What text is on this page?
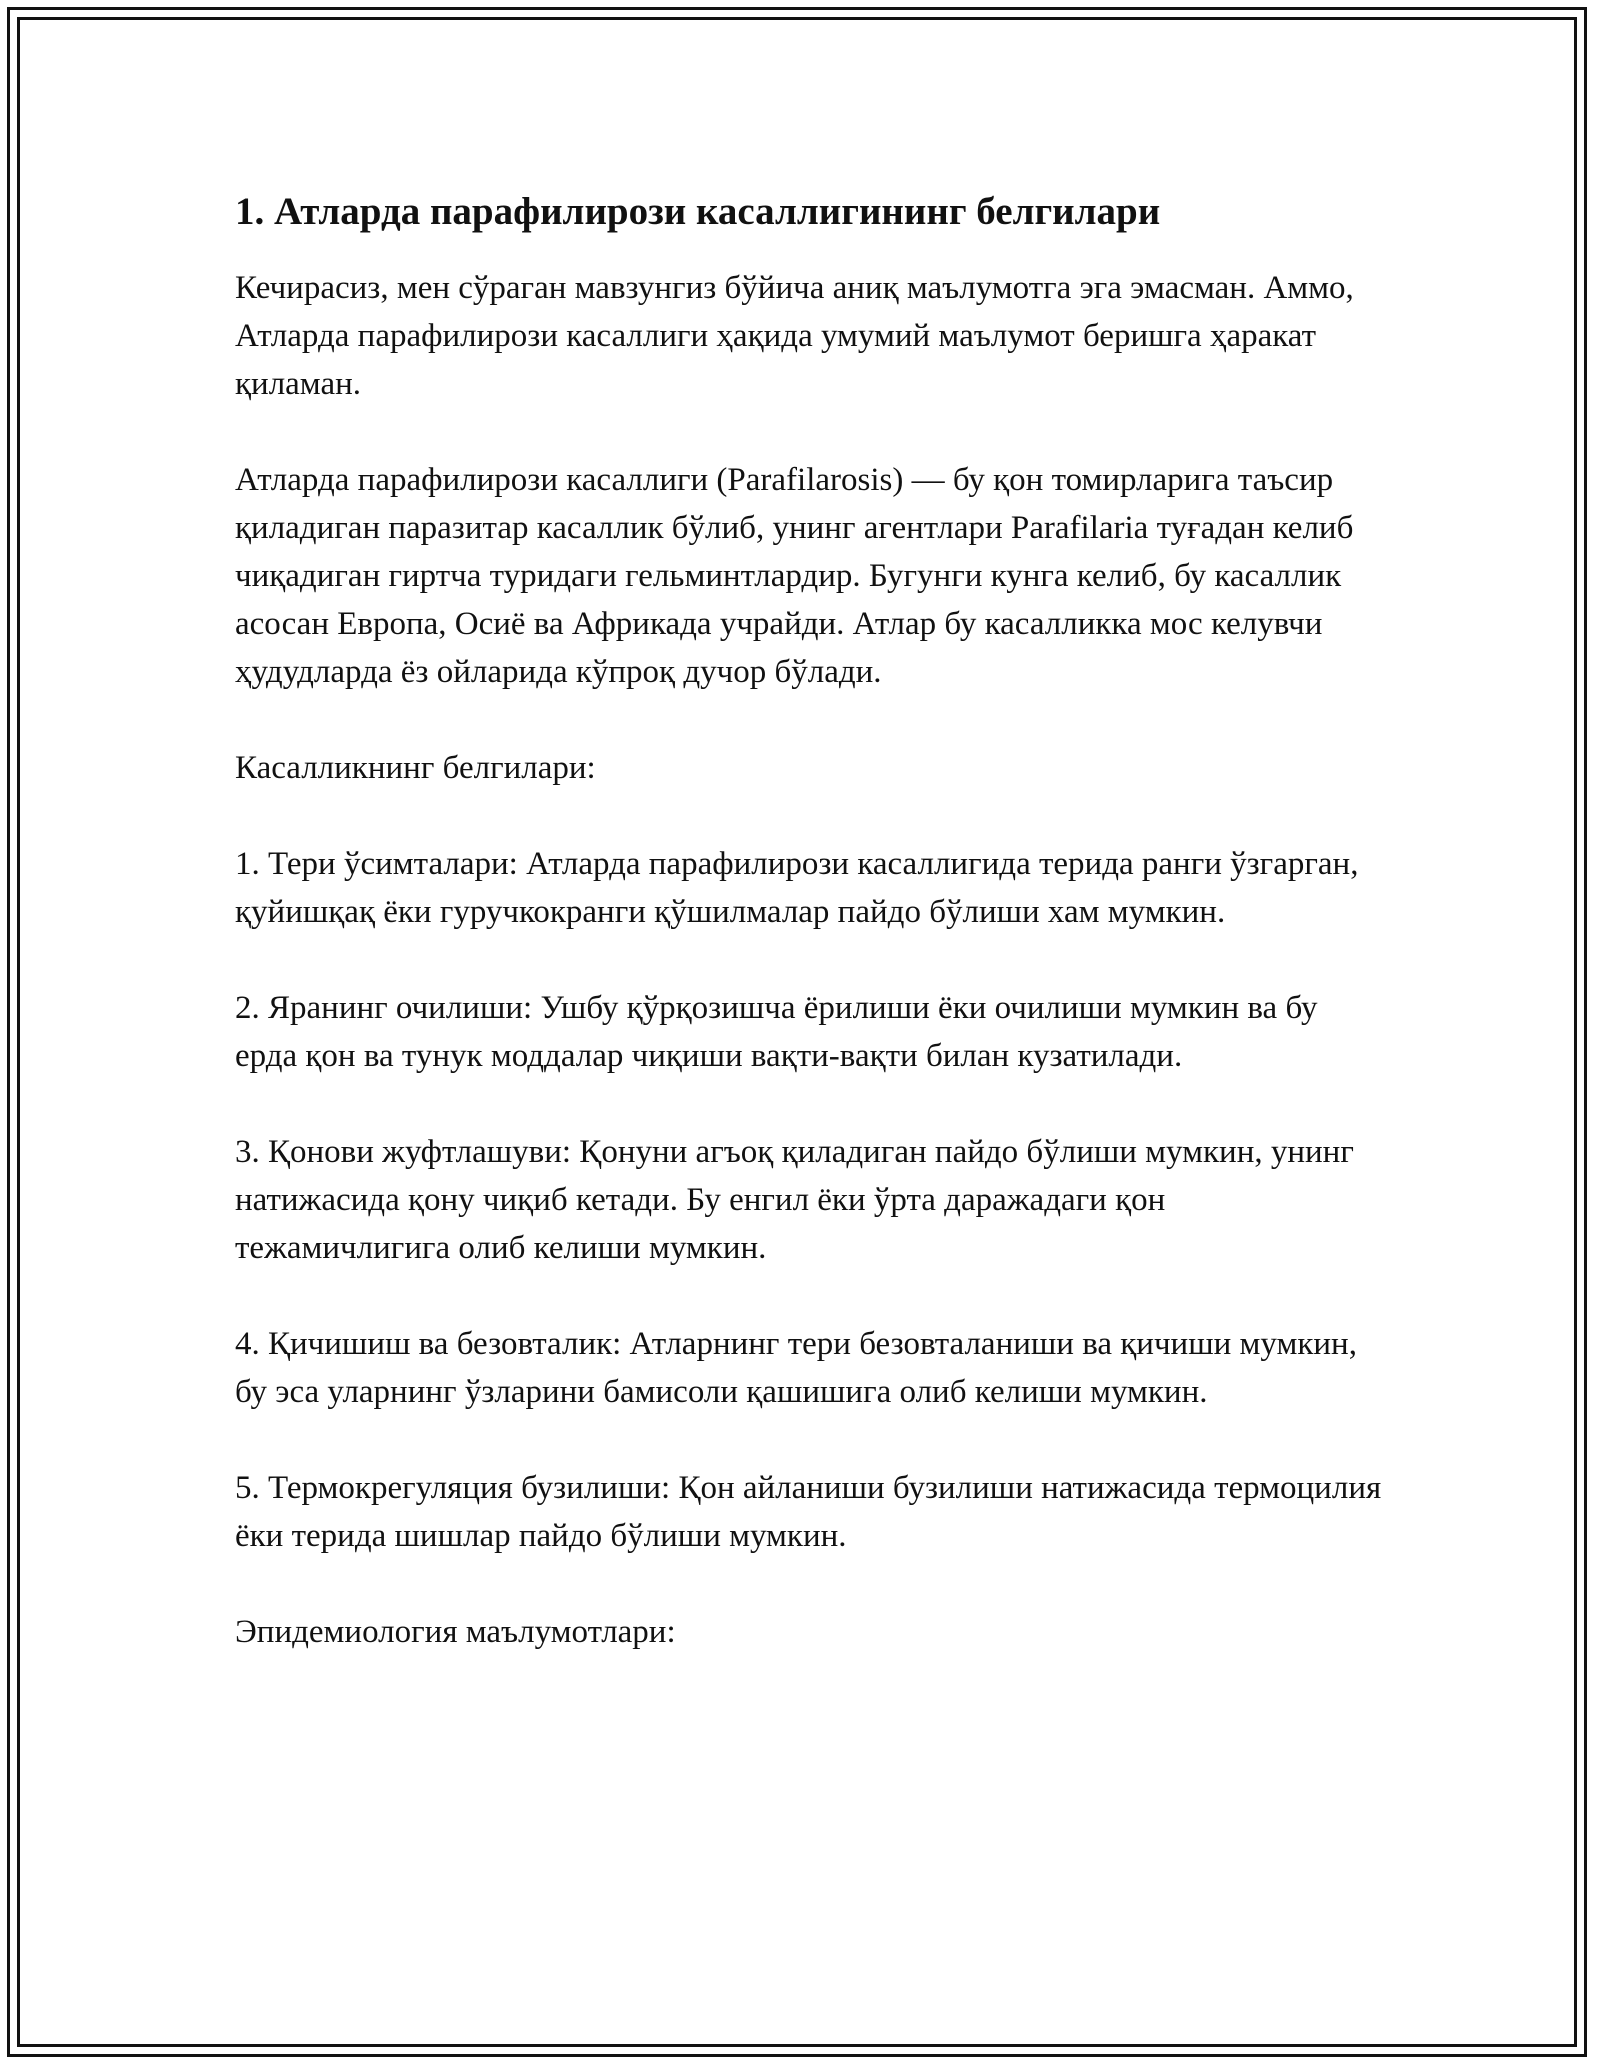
1. Атларда парафилирози касаллигининг белгилари

Кечирасиз, мен сўраган мавзунгиз бўйича аниқ маълумотга эга эмасман. Аммо, Атларда парафилирози касаллиги ҳақида умумий маълумот беришга ҳаракат қиламан.

Атларда парафилирози касаллиги (Parafilarosis) — бу қон томирларига таъсир қиладиган паразитар касаллик бўлиб, унинг агентлари Parafilaria туғадан келиб чиқадиган гиртча туридаги гельминтлардир. Бугунги кунга келиб, бу касаллик асосан Европа, Осиё ва Африкада учрайди. Атлар бу касалликка мос келувчи ҳудудларда ёз ойларида кўпроқ дучор бўлади.

Касалликнинг белгилари:

1. Тери ўсимталари: Атларда парафилирози касаллигида терида ранги ўзгарган, қуйишқақ ёки гуручкокранги қўшилмалар пайдо бўлиши хам мумкин.

2. Яранинг очилиши: Ушбу қўрқозишча ёрилиши ёки очилиши мумкин ва бу ерда қон ва тунук моддалар чиқиши вақти-вақти билан кузатилади.

3. Қонови жуфтлашуви: Қонуни агъоқ қиладиган пайдо бўлиши мумкин, унинг натижасида қону чиқиб кетади. Бу енгил ёки ўрта даражадаги қон тежамичлигига олиб келиши мумкин.

4. Қичишиш ва безовталик: Атларнинг тери безовталаниши ва қичиши мумкин, бу эса уларнинг ўзларини бамисоли қашишига олиб келиши мумкин.

5. Термокрегуляция бузилиши: Қон айланиши бузилиши натижасида термоцилия ёки терида шишлар пайдо бўлиши мумкин.

Эпидемиология маълумотлари:
